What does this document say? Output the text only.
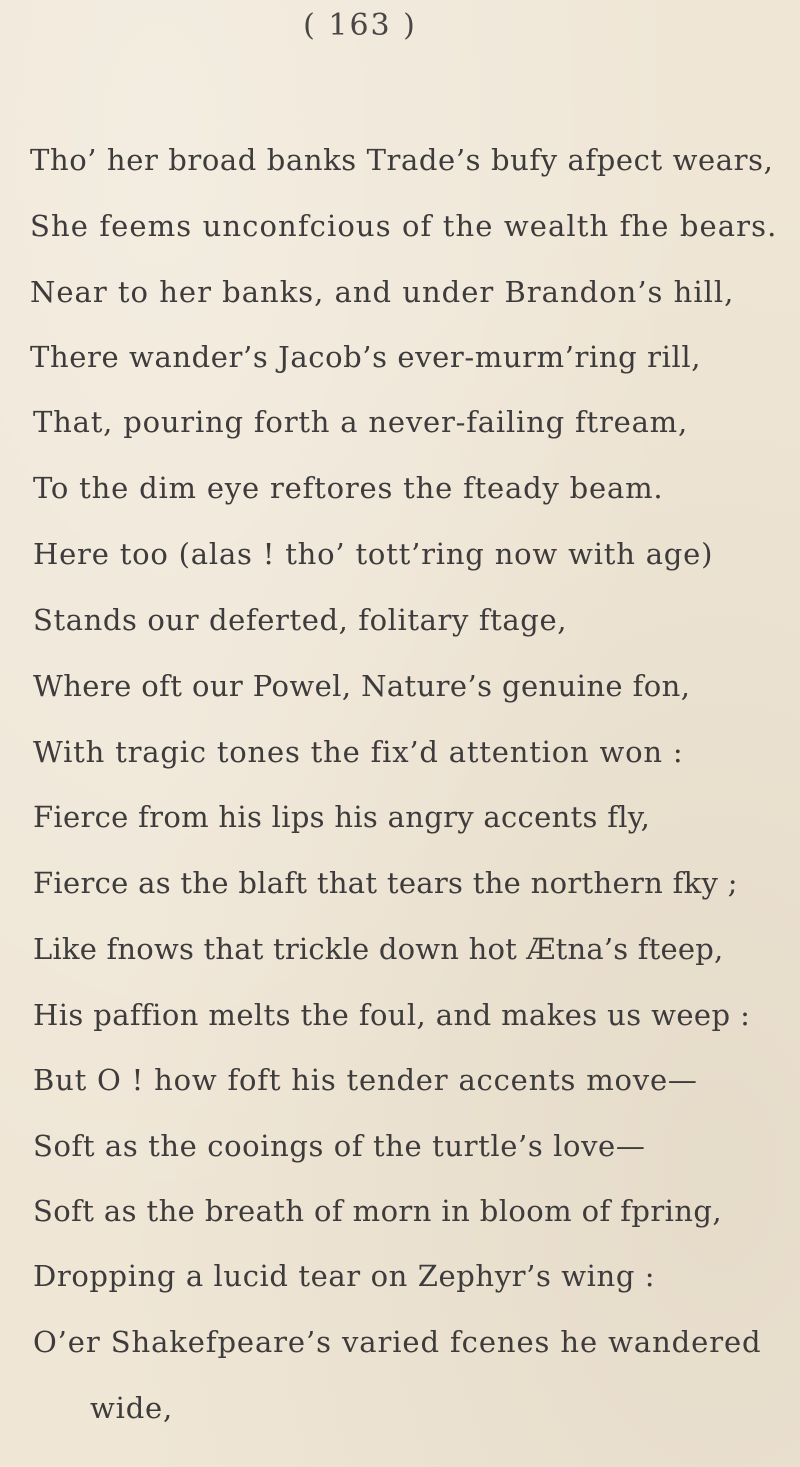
( 163 )
Tho’ her broad banks Trade’s bufy afpect wears,
She feems unconfcious of the wealth fhe bears.
Near to her banks, and under Brandon’s hill,
There wander’s Jacob’s ever-murm’ring rill,
That, pouring forth a never-failing ftream,
To the dim eye reftores the fteady beam.
Here too (alas ! tho’ tott’ring now with age)
Stands our deferted, folitary ftage,
Where oft our Powel, Nature’s genuine fon,
With tragic tones the fix’d attention won :
Fierce from his lips his angry accents fly,
Fierce as the blaft that tears the northern fky ;
Like fnows that trickle down hot Ætna’s fteep,
His paffion melts the foul, and makes us weep :
But O ! how foft his tender accents move—
Soft as the cooings of the turtle’s love—
Soft as the breath of morn in bloom of fpring,
Dropping a lucid tear on Zephyr’s wing :
O’er Shakefpeare’s varied fcenes he wandered
wide,
